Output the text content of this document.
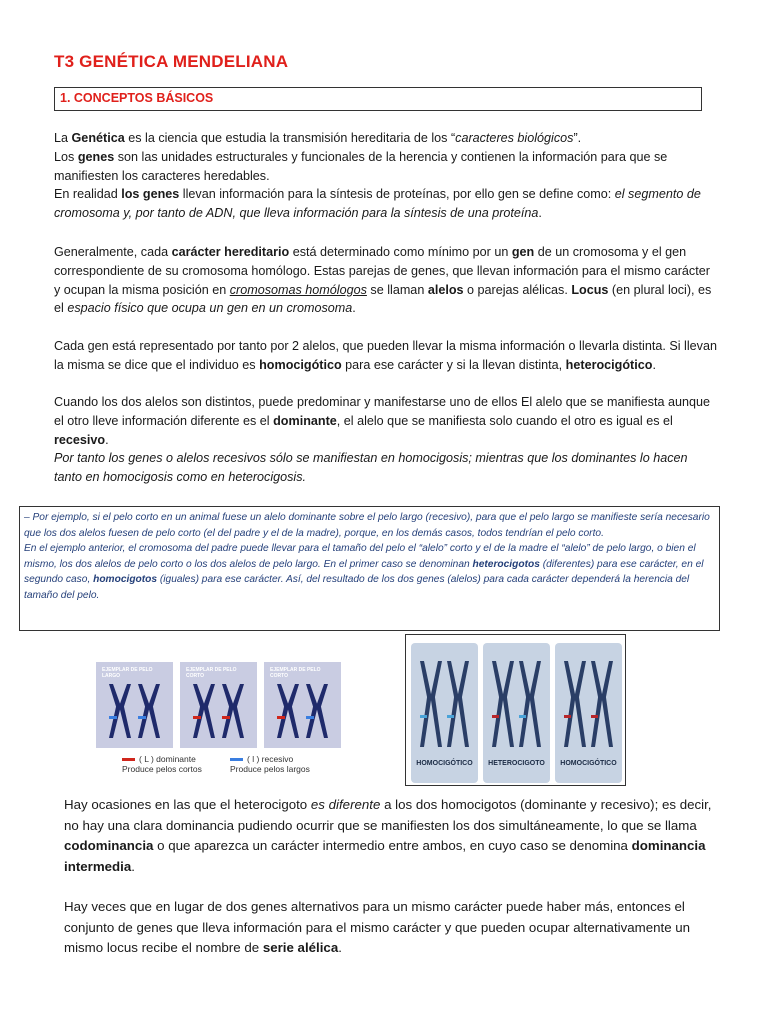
T3 GENÉTICA MENDELIANA
1. CONCEPTOS BÁSICOS

La Genética es la ciencia que estudia la transmisión hereditaria de los “caracteres biológicos”.
Los genes son las unidades estructurales y funcionales de la herencia y contienen la información para que se manifiesten los caracteres heredables.
En realidad los genes llevan información para la síntesis de proteínas, por ello gen se define como: el segmento de cromosoma y, por tanto de ADN, que lleva información para la síntesis de una proteína.

Generalmente, cada carácter hereditario está determinado como mínimo por un gen de un cromosoma y el gen correspondiente de su cromosoma homólogo. Estas parejas de genes, que llevan información para el mismo carácter y ocupan la misma posición en cromosomas homólogos se llaman alelos o parejas alélicas. Locus (en plural loci), es el espacio físico que ocupa un gen en un cromosoma.

Cada gen está representado por tanto por 2 alelos, que pueden llevar la misma información o llevarla distinta. Si llevan la misma se dice que el individuo es homocigótico para ese carácter y si la llevan distinta, heterocigótico.

Cuando los dos alelos son distintos, puede predominar y manifestarse uno de ellos El alelo que se manifiesta aunque el otro lleve información diferente es el dominante, el alelo que se manifiesta solo cuando el otro es igual es el recesivo.
Por tanto los genes o alelos recesivos sólo se manifiestan en homocigosis; mientras que los dominantes lo hacen tanto en homocigosis como en heterocigosis.

– Por ejemplo, si el pelo corto en un animal fuese un alelo dominante sobre el pelo largo (recesivo), para que el pelo largo se manifieste sería necesario que los dos alelos fuesen de pelo corto (el del padre y el de la madre), porque, en los demás casos, todos tendrían el pelo corto.
En el ejemplo anterior, el cromosoma del padre puede llevar para el tamaño del pelo el “alelo” corto y el de la madre el “alelo” de pelo largo, o bien el mismo, los dos alelos de pelo corto o los dos alelos de pelo largo. En el primer caso se denominan heterocigotos (diferentes) para ese carácter, en el segundo caso, homocigotos (iguales) para ese carácter. Así, del resultado de los dos genes (alelos) para cada carácter dependerá la herencia del tamaño del pelo.
EJEMPLAR DE PELO LARGO
EJEMPLAR DE PELO CORTO
EJEMPLAR DE PELO CORTO
( L ) dominante
Produce pelos cortos
( l ) recesivo
Produce pelos largos
HOMOCIGÓTICO	HETEROCIGOTO	HOMOCIGÓTICO

Hay ocasiones en las que el heterocigoto es diferente a los dos homocigotos (dominante y recesivo); es decir, no hay una clara dominancia pudiendo ocurrir que se manifiesten los dos simultáneamente, lo que se llama codominancia o que aparezca un carácter intermedio entre ambos, en cuyo caso se denomina dominancia intermedia.

Hay veces que en lugar de dos genes alternativos para un mismo carácter puede haber más, entonces el conjunto de genes que lleva información para el mismo carácter y que pueden ocupar alternativamente un mismo locus recibe el nombre de serie alélica.
